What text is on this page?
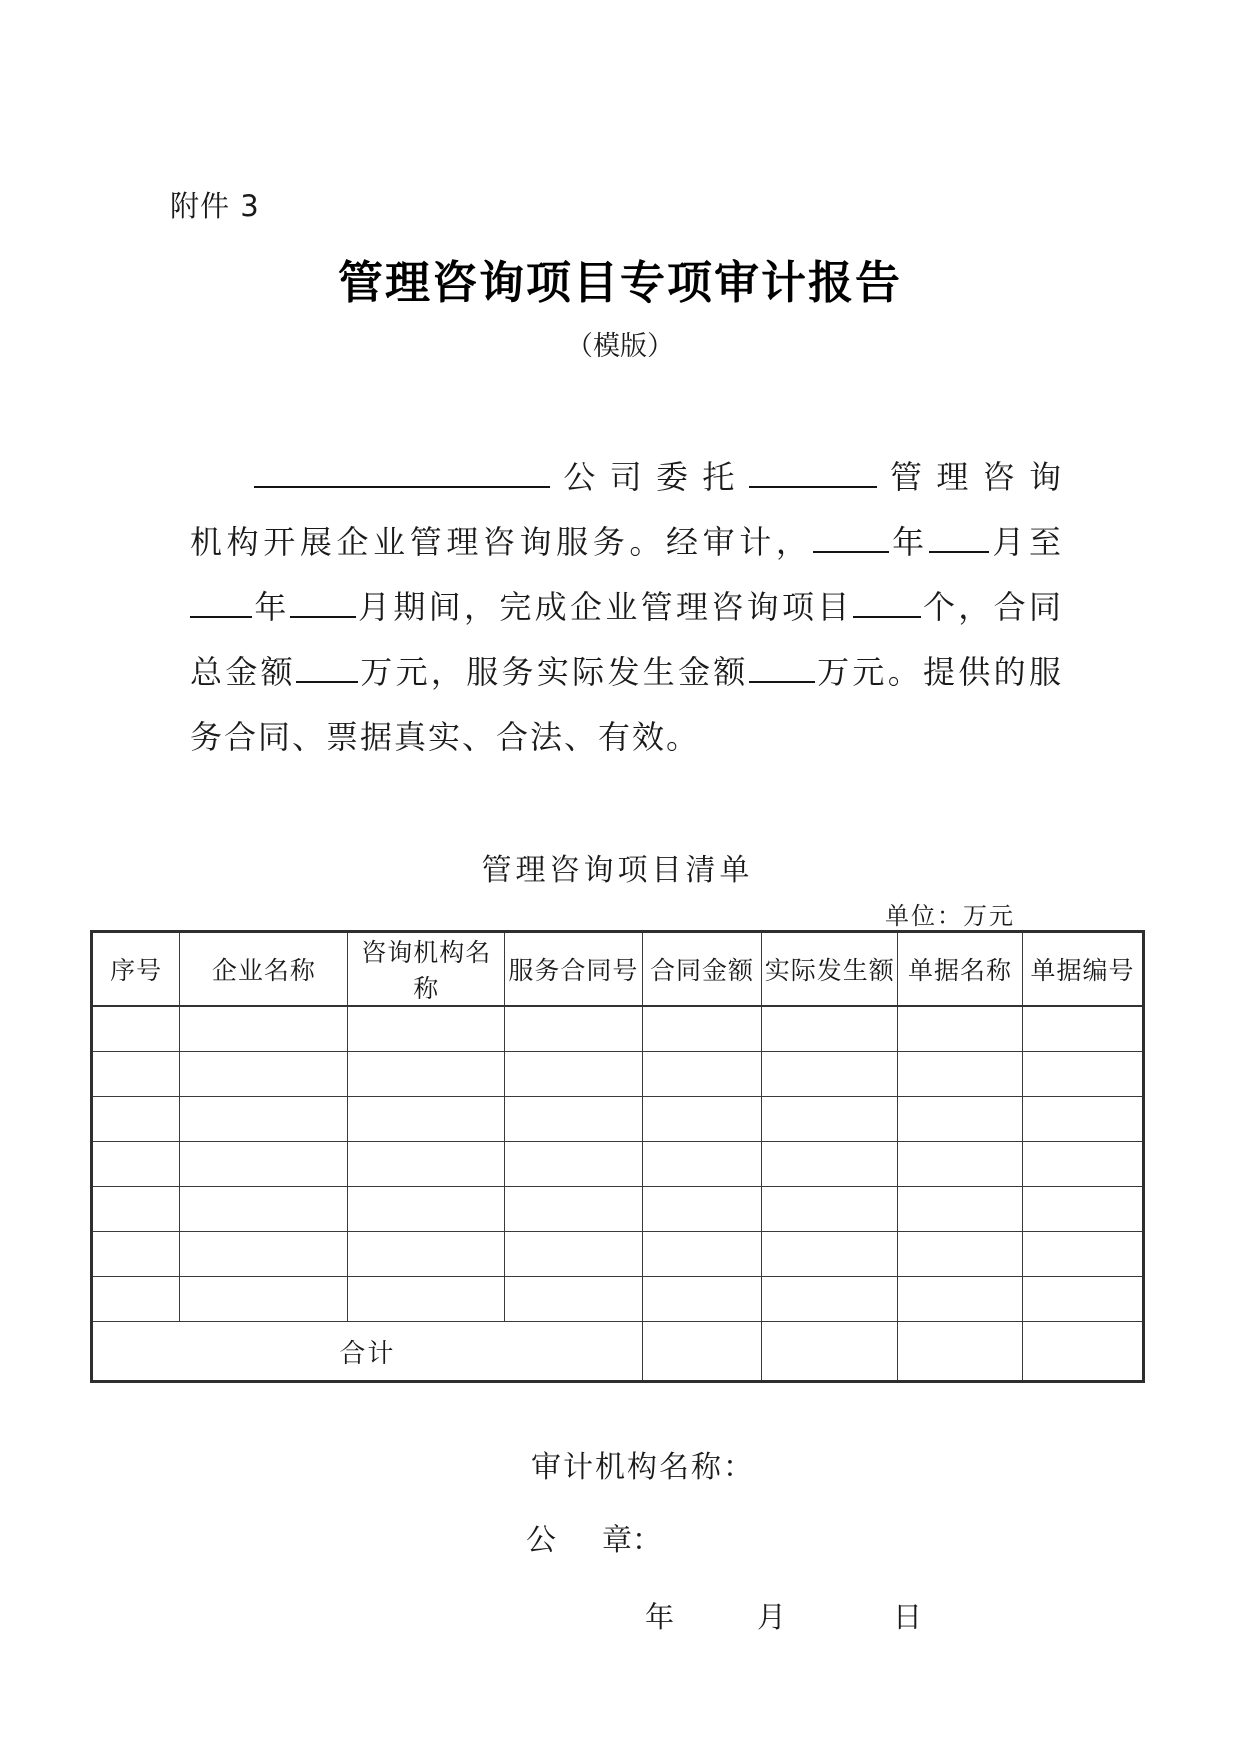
附件 3
管理咨询项目专项审计报告
（模版）
公司委托	管理咨询
机构开展企业管理咨询服务。经审计， 年 月至
年 月期间，完成企业管理咨询项目 个，合同
总金额 万元，服务实际发生金额 万元。提供的服
务合同、票据真实、合法、有效。
管理咨询项目清单
单位：万元
序号	企业名称	咨询机构名称	服务合同号	合同金额	实际发生额	单据名称	单据编号

合计							
审计机构名称：
公 章：
年	月	日
